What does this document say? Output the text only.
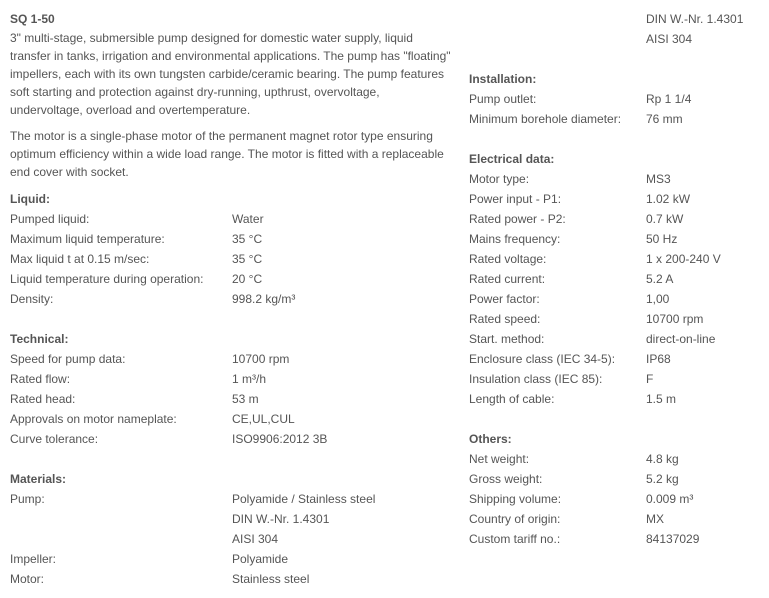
SQ 1-50

3" multi-stage, submersible pump designed for domestic water supply, liquid transfer in tanks, irrigation and environmental applications. The pump has "floating" impellers, each with its own tungsten carbide/ceramic bearing. The pump features soft starting and protection against dry-running, upthrust, overvoltage, undervoltage, overload and overtemperature.

The motor is a single-phase motor of the permanent magnet rotor type ensuring optimum efficiency within a wide load range. The motor is fitted with a replaceable end cover with socket.

Liquid:
Pumped liquid:	Water
Maximum liquid temperature:	35 °C
Max liquid t at 0.15 m/sec:	35 °C
Liquid temperature during operation:	20 °C
Density:	998.2 kg/m³
Technical:
Speed for pump data:	10700 rpm
Rated flow:	1 m³/h
Rated head:	53 m
Approvals on motor nameplate:	CE,UL,CUL
Curve tolerance:	ISO9906:2012 3B
Materials:
Pump:	Polyamide / Stainless steel
DIN W.-Nr. 1.4301
AISI 304
Impeller:	Polyamide
Motor:	Stainless steel
DIN W.-Nr. 1.4301
AISI 304
Installation:
Pump outlet:	Rp 1 1/4
Minimum borehole diameter:	76 mm
Electrical data:
Motor type:	MS3
Power input - P1:	1.02 kW
Rated power - P2:	0.7 kW
Mains frequency:	50 Hz
Rated voltage:	1 x 200-240 V
Rated current:	5.2 A
Power factor:	1,00
Rated speed:	10700 rpm
Start. method:	direct-on-line
Enclosure class (IEC 34-5):	IP68
Insulation class (IEC 85):	F
Length of cable:	1.5 m
Others:
Net weight:	4.8 kg
Gross weight:	5.2 kg
Shipping volume:	0.009 m³
Country of origin:	MX
Custom tariff no.:	84137029
